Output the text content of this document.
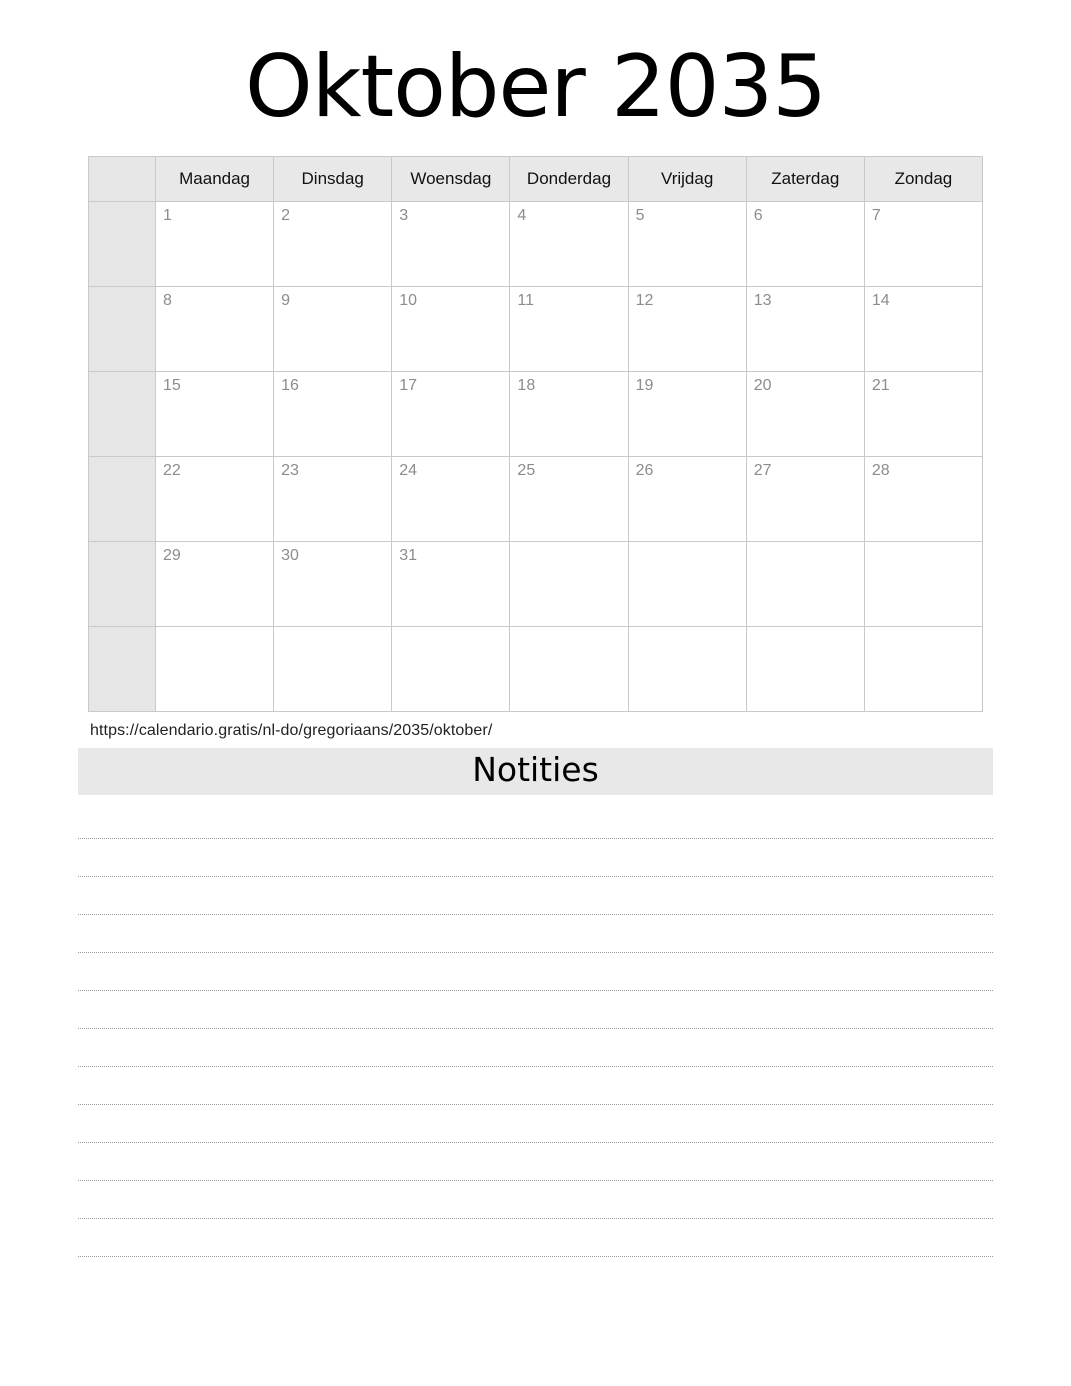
Oktober 2035
	Maandag	Dinsdag	Woensdag	Donderdag	Vrijdag	Zaterdag	Zondag

	1	2	3	4	5	6	7

	8	9	10	11	12	13	14

	15	16	17	18	19	20	21

	22	23	24	25	26	27	28

	29	30	31				

https://calendario.gratis/nl-do/gregoriaans/2035/oktober/
Notities
